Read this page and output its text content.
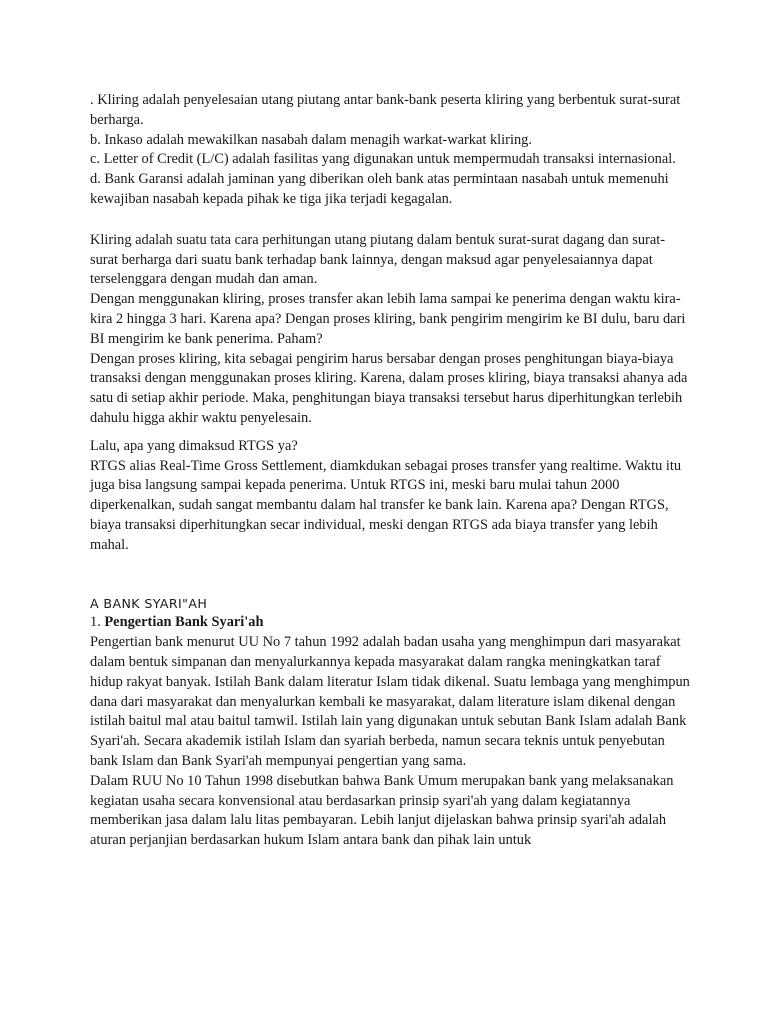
. Kliring adalah penyelesaian utang piutang antar bank-bank peserta kliring yang berbentuk surat-surat berharga.

b. Inkaso adalah mewakilkan nasabah dalam menagih warkat-warkat kliring.

c. Letter of Credit (L/C) adalah fasilitas yang digunakan untuk mempermudah transaksi internasional.

d. Bank Garansi adalah jaminan yang diberikan oleh bank atas permintaan nasabah untuk memenuhi kewajiban nasabah kepada pihak ke tiga jika terjadi kegagalan.

Kliring adalah suatu tata cara perhitungan utang piutang dalam bentuk surat-surat dagang dan surat-surat berharga dari suatu bank terhadap bank lainnya, dengan maksud agar penyelesaiannya dapat terselenggara dengan mudah dan aman.

Dengan menggunakan kliring, proses transfer akan lebih lama sampai ke penerima dengan waktu kira-kira 2 hingga 3 hari. Karena apa? Dengan proses kliring, bank pengirim mengirim ke BI dulu, baru dari BI mengirim ke bank penerima. Paham?

Dengan proses kliring, kita sebagai pengirim harus bersabar dengan proses penghitungan biaya-biaya transaksi dengan menggunakan proses kliring. Karena, dalam proses kliring, biaya transaksi ahanya ada satu di setiap akhir periode. Maka, penghitungan biaya transaksi tersebut harus diperhitungkan terlebih dahulu higga akhir waktu penyelesain.

Lalu, apa yang dimaksud RTGS ya?

RTGS alias Real-Time Gross Settlement, diamkdukan sebagai proses transfer yang realtime. Waktu itu juga bisa langsung sampai kepada penerima. Untuk RTGS ini, meski baru mulai tahun 2000 diperkenalkan, sudah sangat membantu dalam hal transfer ke bank lain. Karena apa? Dengan RTGS, biaya transaksi diperhitungkan secar individual, meski dengan RTGS ada biaya transfer yang lebih mahal.

A BANK SYARI"AH

1. Pengertian Bank Syari'ah

Pengertian bank menurut UU No 7 tahun 1992 adalah badan usaha yang menghimpun dari masyarakat dalam bentuk simpanan dan menyalurkannya kepada masyarakat dalam rangka meningkatkan taraf hidup rakyat banyak. Istilah Bank dalam literatur Islam tidak dikenal. Suatu lembaga yang menghimpun dana dari masyarakat dan menyalurkan kembali ke masyarakat, dalam literature islam dikenal dengan istilah baitul mal atau baitul tamwil. Istilah lain yang digunakan untuk sebutan Bank Islam adalah Bank Syari'ah. Secara akademik istilah Islam dan syariah berbeda, namun secara teknis untuk penyebutan bank Islam dan Bank Syari'ah mempunyai pengertian yang sama.

Dalam RUU No 10 Tahun 1998 disebutkan bahwa Bank Umum merupakan bank yang melaksanakan kegiatan usaha secara konvensional atau berdasarkan prinsip syari'ah yang dalam kegiatannya memberikan jasa dalam lalu litas pembayaran. Lebih lanjut dijelaskan bahwa prinsip syari'ah adalah aturan perjanjian berdasarkan hukum Islam antara bank dan pihak lain untuk
